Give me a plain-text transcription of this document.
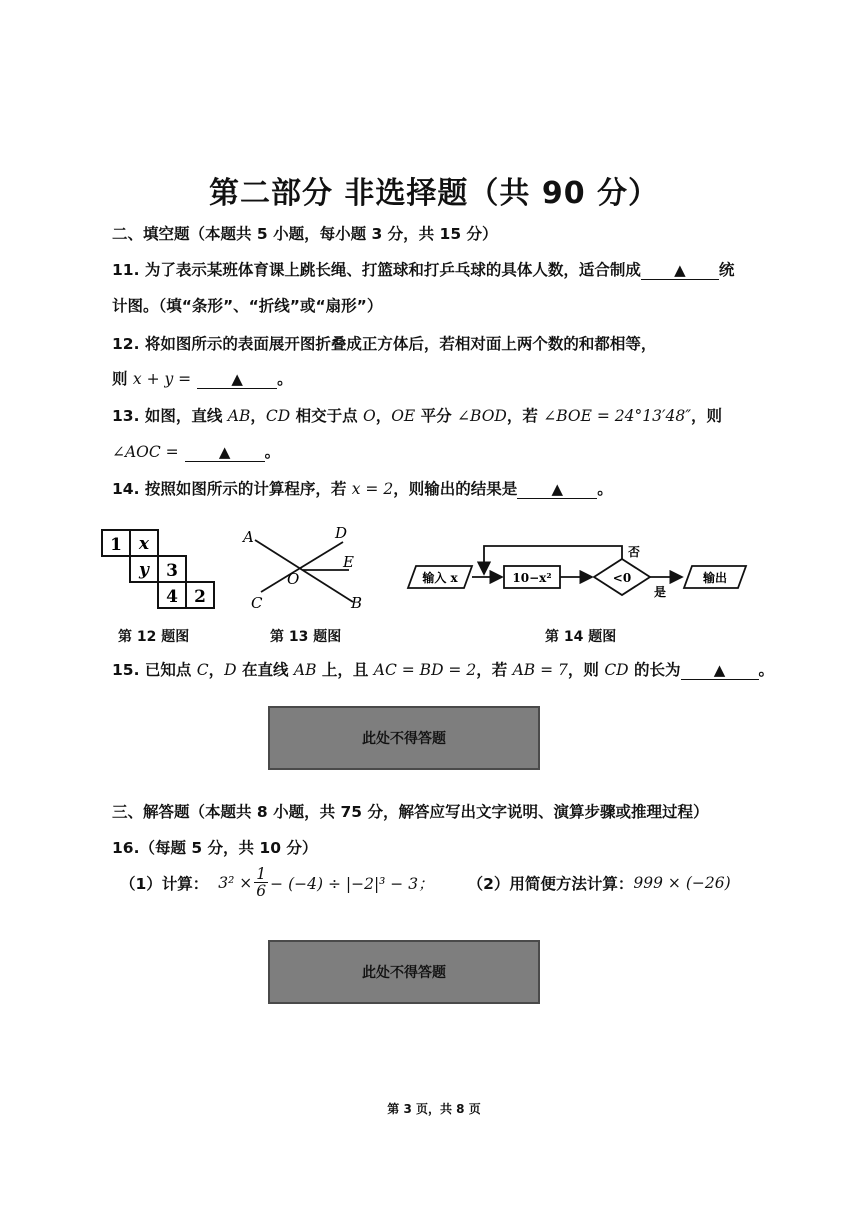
第二部分 非选择题（共 90 分）
二、填空题（本题共 5 小题，每小题 3 分，共 15 分）
11. 为了表示某班体育课上跳长绳、打篮球和打乒乓球的具体人数，适合制成 ▲ 统
计图。（填“条形”、“折线”或“扇形”）
12. 将如图所示的表面展开图折叠成正方体后，若相对面上两个数的和都相等，
则 x + y =	▲ 。
13. 如图，直线 AB，CD 相交于点 O，OE 平分 ∠BOD，若 ∠BOE = 24°13′48″，则
∠AOC =	▲ 。
14. 按照如图所示的计算程序，若 x = 2，则输出的结果是 ▲ 。
1 x
y 3
4 2
第 12 题图
A	D
E
O
C	B
第 13 题图
输入 x	10−x²	<0
否
是
输出
第 14 题图
15. 已知点 C，D 在直线 AB 上，且 AC = BD = 2，若 AB = 7，则 CD 的长为 ▲ 。
此处不得答题
三、解答题（本题共 8 小题，共 75 分，解答应写出文字说明、演算步骤或推理过程）
16.（每题 5 分，共 10 分）
（1）计算： $3^2 \times \frac{1}{6} - (-4) \div |-2|^3 - 3$； （2）用简便方法计算： 999 × (−26)
此处不得答题
第 3 页，共 8 页
